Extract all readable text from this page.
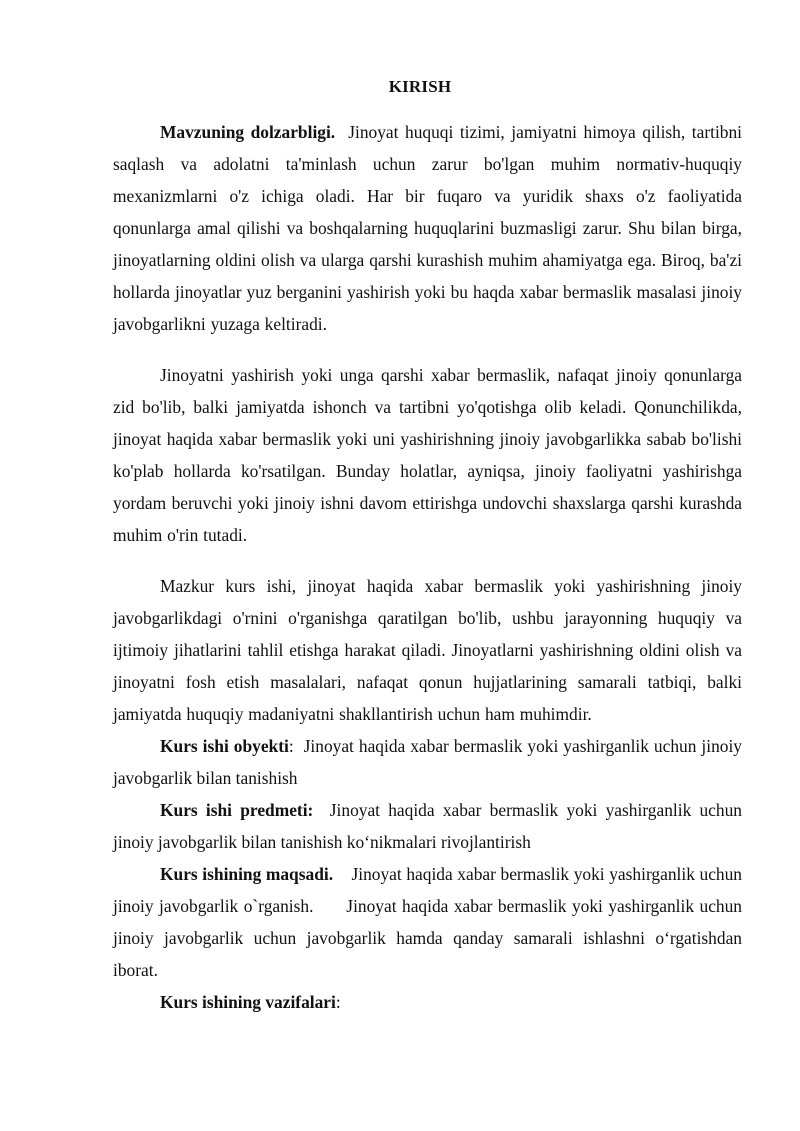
KIRISH

Mavzuning dolzarbligi. Jinoyat huquqi tizimi, jamiyatni himoya qilish, tartibni saqlash va adolatni ta'minlash uchun zarur bo'lgan muhim normativ-huquqiy mexanizmlarni o'z ichiga oladi. Har bir fuqaro va yuridik shaxs o'z faoliyatida qonunlarga amal qilishi va boshqalarning huquqlarini buzmasligi zarur. Shu bilan birga, jinoyatlarning oldini olish va ularga qarshi kurashish muhim ahamiyatga ega. Biroq, ba'zi hollarda jinoyatlar yuz berganini yashirish yoki bu haqda xabar bermaslik masalasi jinoiy javobgarlikni yuzaga keltiradi.

Jinoyatni yashirish yoki unga qarshi xabar bermaslik, nafaqat jinoiy qonunlarga zid bo'lib, balki jamiyatda ishonch va tartibni yo'qotishga olib keladi. Qonunchilikda, jinoyat haqida xabar bermaslik yoki uni yashirishning jinoiy javobgarlikka sabab bo'lishi ko'plab hollarda ko'rsatilgan. Bunday holatlar, ayniqsa, jinoiy faoliyatni yashirishga yordam beruvchi yoki jinoiy ishni davom ettirishga undovchi shaxslarga qarshi kurashda muhim o'rin tutadi.

Mazkur kurs ishi, jinoyat haqida xabar bermaslik yoki yashirishning jinoiy javobgarlikdagi o'rnini o'rganishga qaratilgan bo'lib, ushbu jarayonning huquqiy va ijtimoiy jihatlarini tahlil etishga harakat qiladi. Jinoyatlarni yashirishning oldini olish va jinoyatni fosh etish masalalari, nafaqat qonun hujjatlarining samarali tatbiqi, balki jamiyatda huquqiy madaniyatni shakllantirish uchun ham muhimdir.

Kurs ishi obyekti:  Jinoyat haqida xabar bermaslik yoki yashirganlik uchun jinoiy javobgarlik bilan tanishish

Kurs ishi predmeti: Jinoyat haqida xabar bermaslik yoki yashirganlik uchun jinoiy javobgarlik bilan tanishish ko‘nikmalari rivojlantirish

Kurs ishining maqsadi. Jinoyat haqida xabar bermaslik yoki yashirganlik uchun jinoiy javobgarlik o`rganish. Jinoyat haqida xabar bermaslik yoki yashirganlik uchun jinoiy javobgarlik uchun javobgarlik hamda qanday samarali ishlashni o‘rgatishdan iborat.

Kurs ishining vazifalari:
